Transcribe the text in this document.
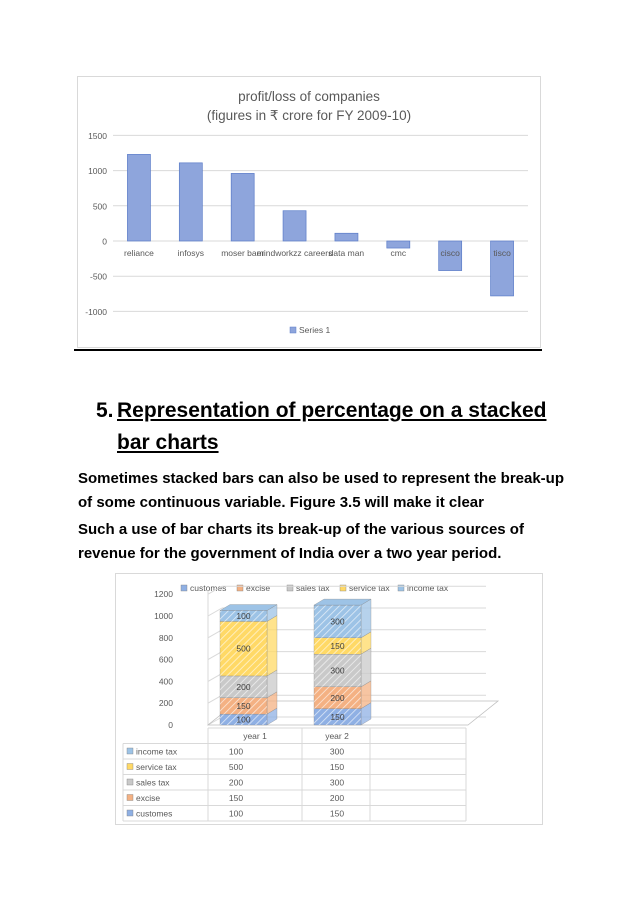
profit/loss of companies
(figures in ₹ crore for FY 2009-10)
1500
1000
500
0
-500
-1000
reliance	infosys moser baer
mindworkzz careers
data man	cmc	cisco	tisco
Series 1
5. Representation of percentage on a stacked bar charts
Sometimes stacked bars can also be used to represent the break-up of some continuous variable. Figure 3.5 will make it clear
Such a use of bar charts its break-up of the various sources of revenue for the government of India over a two year period.
customes excise	sales tax service tax income tax
1200
1000
800
600
400
200
0
100
150
200
500
100
150
200
300
150
300
year 1	year 2
income tax	100	300
service tax	500	150
sales tax	200	300
excise	150	200
customes	100	150
